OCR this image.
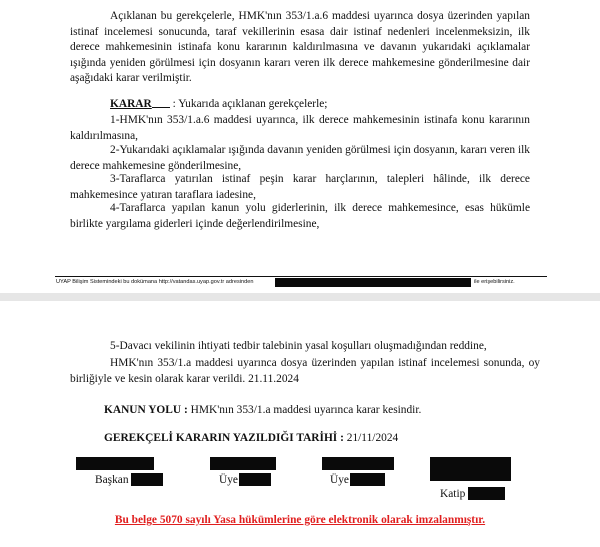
Açıklanan bu gerekçelerle, HMK'nın 353/1.a.6 maddesi uyarınca dosya üzerinden yapılan istinaf incelemesi sonucunda, taraf vekillerinin esasa dair istinaf nedenleri incelenmeksizin, ilk derece mahkemesinin istinafa konu kararının kaldırılmasına ve davanın yukarıdaki açıklamalar ışığında yeniden görülmesi için dosyanın kararı veren ilk derece mahkemesine gönderilmesine dair aşağıdaki karar verilmiştir.

KARAR : Yukarıda açıklanan gerekçelerle;

1-HMK'nın 353/1.a.6 maddesi uyarınca, ilk derece mahkemesinin istinafa konu kararının kaldırılmasına,

2-Yukarıdaki açıklamalar ışığında davanın yeniden görülmesi için dosyanın, kararı veren ilk derece mahkemesine gönderilmesine,

3-Taraflarca yatırılan istinaf peşin karar harçlarının, talepleri hâlinde, ilk derece mahkemesince yatıran taraflara iadesine,

4-Taraflarca yapılan kanun yolu giderlerinin, ilk derece mahkemesince, esas hükümle birlikte yargılama giderleri içinde değerlendirilmesine,

UYAP Bilişim Sistemindeki bu dokümana http://vatandas.uyap.gov.tr adresinden	ile erişebilirsiniz.

5-Davacı vekilinin ihtiyati tedbir talebinin yasal koşulları oluşmadığından reddine,

HMK'nın 353/1.a maddesi uyarınca dosya üzerinden yapılan istinaf incelemesi sonunda, oy birliğiyle ve kesin olarak karar verildi. 21.11.2024

KANUN YOLU : HMK'nın 353/1.a maddesi uyarınca karar kesindir.

GEREKÇELİ KARARIN YAZILDIĞI TARİHİ : 21/11/2024

Başkan	Üye	Üye
Katip
Bu belge 5070 sayılı Yasa hükümlerine göre elektronik olarak imzalanmıştır.
